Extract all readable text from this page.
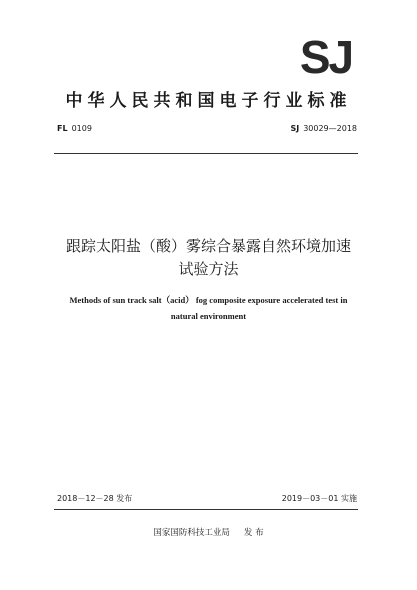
SJ
中华人民共和国电子行业标准
FL 0109	SJ 30029—2018
跟踪太阳盐（酸）雾综合暴露自然环境加速
试验方法
Methods of sun track salt（acid） fog composite exposure accelerated test in
natural environment
2018－12－28 发布	2019－03－01 实施
国家国防科技工业局 发 布
